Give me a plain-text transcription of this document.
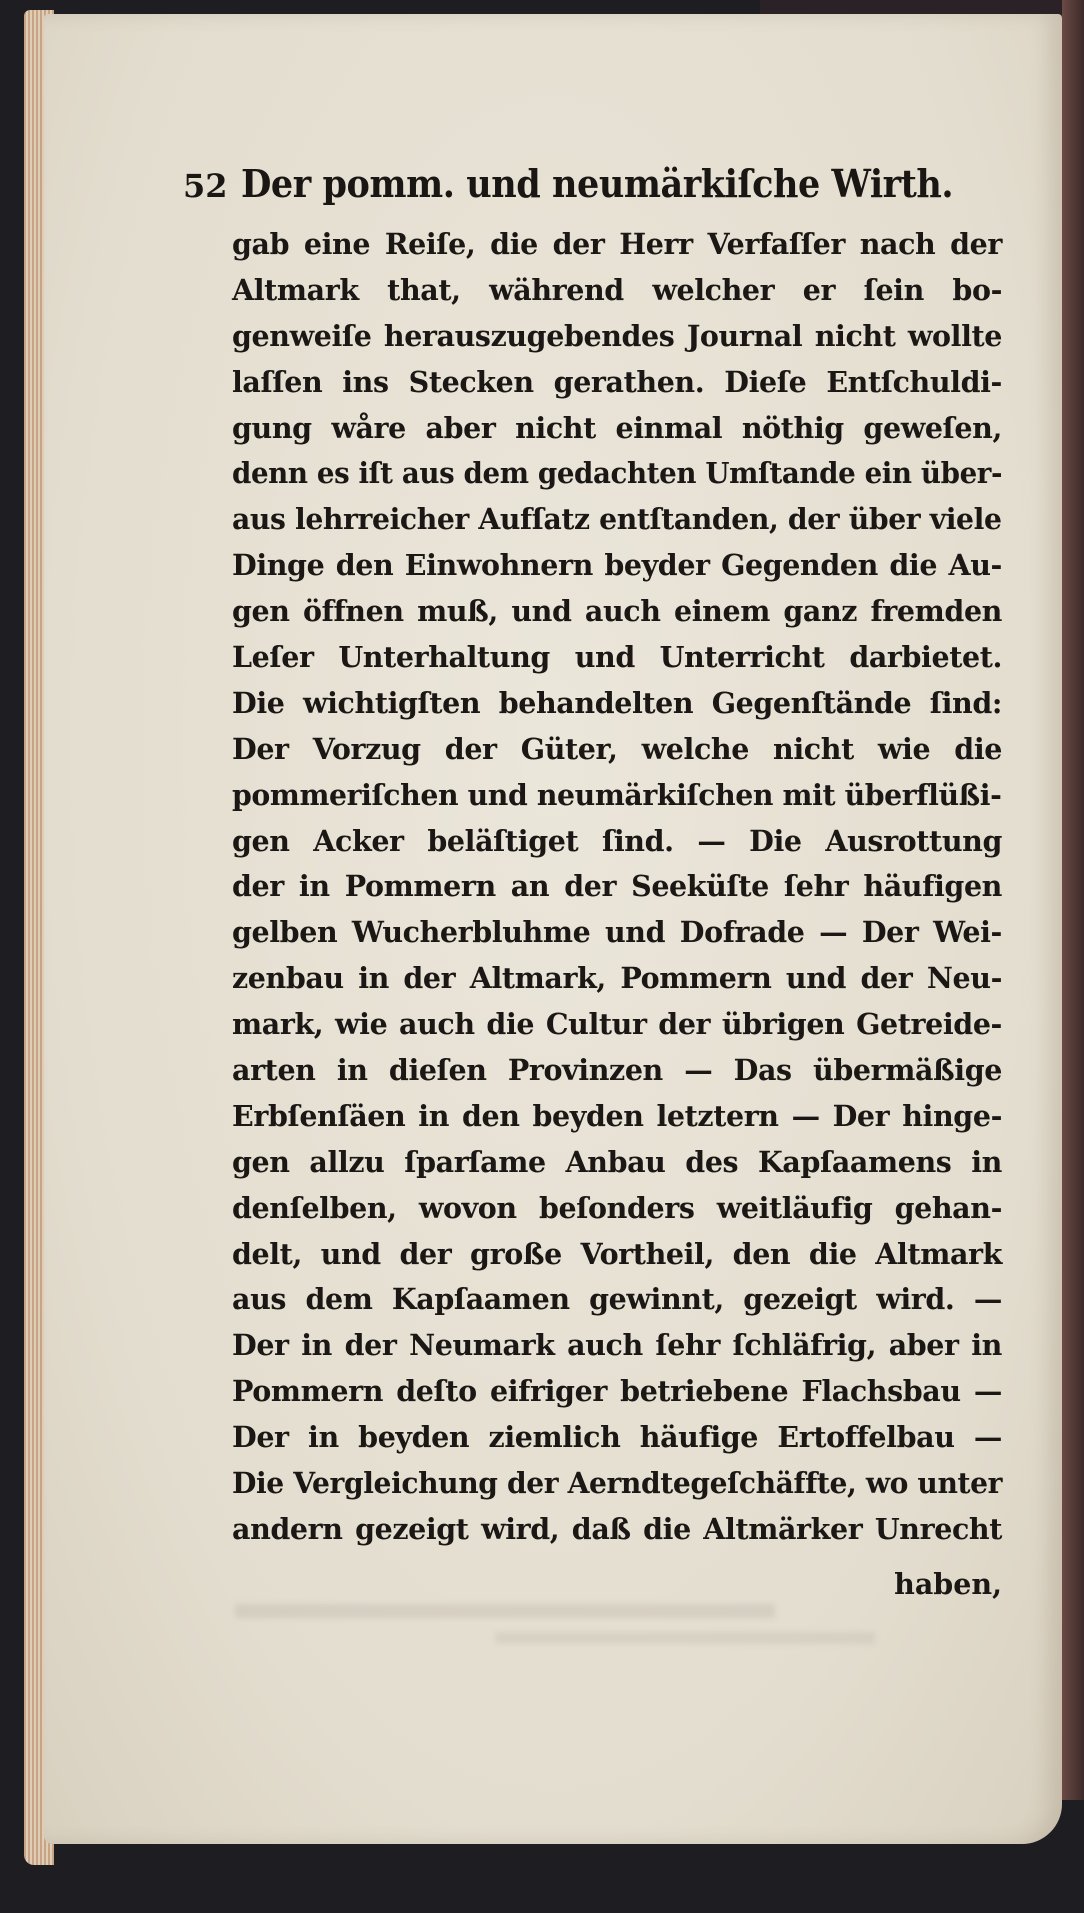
52 Der pomm. und neumärkiſche Wirth.
gab eine Reiſe, die der Herr Verfaſſer nach der
Altmark that, während welcher er ſein bo-
genweiſe herauszugebendes Journal nicht wollte
laſſen ins Stecken gerathen. Dieſe Entſchuldi-
gung wåre aber nicht einmal nöthig geweſen,
denn es iſt aus dem gedachten Umſtande ein über-
aus lehrreicher Aufſatz entſtanden, der über viele
Dinge den Einwohnern beyder Gegenden die Au-
gen öffnen muß, und auch einem ganz fremden
Leſer Unterhaltung und Unterricht darbietet.
Die wichtigſten behandelten Gegenſtände ſind:
Der Vorzug der Güter, welche nicht wie die
pommeriſchen und neumärkiſchen mit überflüßi-
gen Acker beläſtiget ſind. — Die Ausrottung
der in Pommern an der Seeküſte ſehr häufigen
gelben Wucherbluhme und Dofrade — Der Wei-
zenbau in der Altmark, Pommern und der Neu-
mark, wie auch die Cultur der übrigen Getreide-
arten in dieſen Provinzen — Das übermäßige
Erbſenſäen in den beyden letztern — Der hinge-
gen allzu ſparſame Anbau des Kapſaamens in
denſelben, wovon beſonders weitläufig gehan-
delt, und der große Vortheil, den die Altmark
aus dem Kapſaamen gewinnt, gezeigt wird. —
Der in der Neumark auch ſehr ſchläfrig, aber in
Pommern deſto eifriger betriebene Flachsbau —
Der in beyden ziemlich häufige Ertoffelbau —
Die Vergleichung der Aerndtegeſchäffte, wo unter
andern gezeigt wird, daß die Altmärker Unrecht
haben,
